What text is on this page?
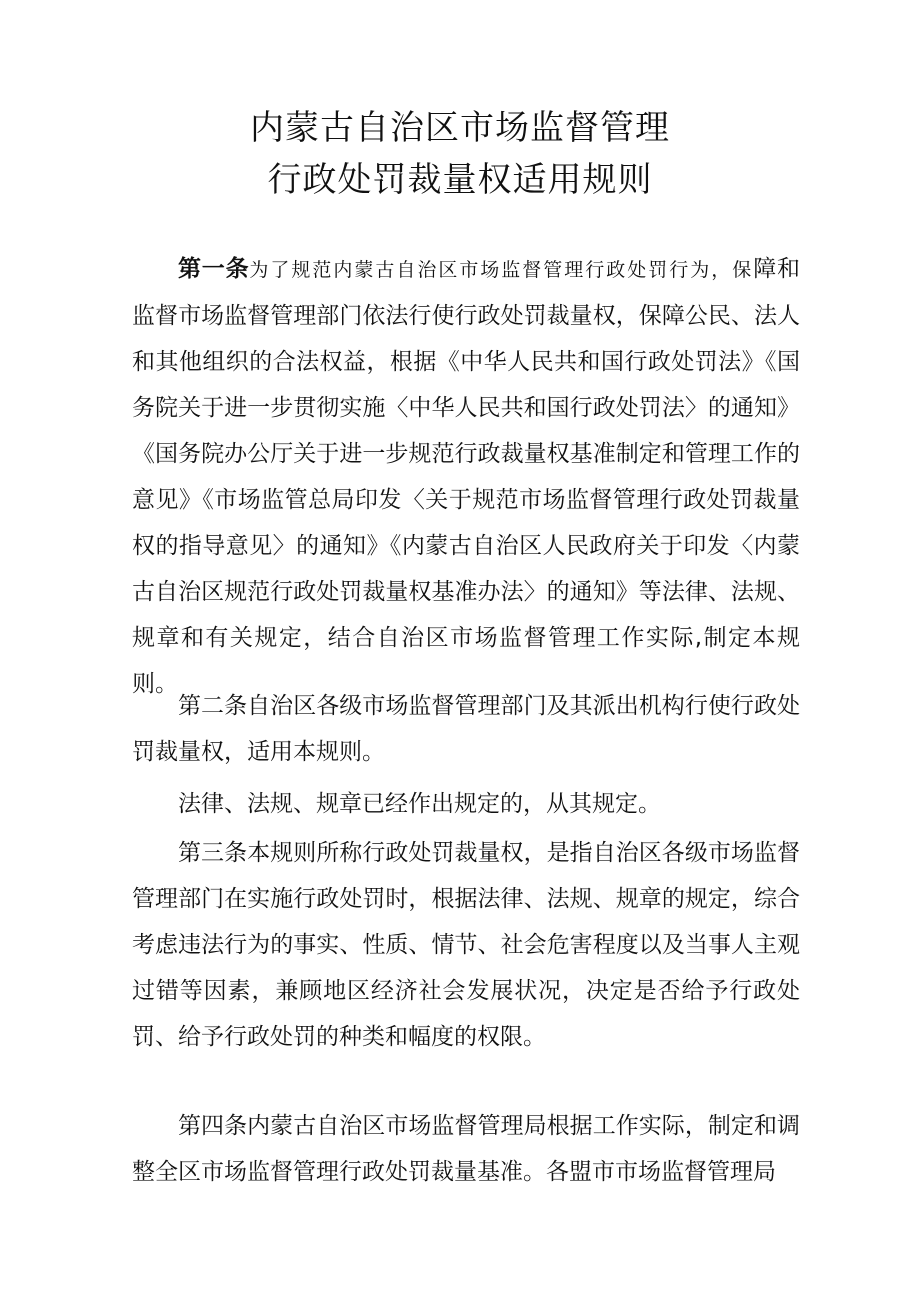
内蒙古自治区市场监督管理
行政处罚裁量权适用规则

第一条为了规范内蒙古自治区市场监督管理行政处罚行为，保障和监督市场监督管理部门依法行使行政处罚裁量权，保障公民、法人和其他组织的合法权益，根据《中华人民共和国行政处罚法》《国务院关于进一步贯彻实施〈中华人民共和国行政处罚法〉的通知》《国务院办公厅关于进一步规范行政裁量权基准制定和管理工作的意见》《市场监管总局印发〈关于规范市场监督管理行政处罚裁量权的指导意见〉的通知》《内蒙古自治区人民政府关于印发〈内蒙古自治区规范行政处罚裁量权基准办法〉的通知》等法律、法规、规章和有关规定，结合自治区市场监督管理工作实际,制定本规则。

第二条自治区各级市场监督管理部门及其派出机构行使行政处罚裁量权，适用本规则。

法律、法规、规章已经作出规定的，从其规定。

第三条本规则所称行政处罚裁量权，是指自治区各级市场监督管理部门在实施行政处罚时，根据法律、法规、规章的规定，综合考虑违法行为的事实、性质、情节、社会危害程度以及当事人主观过错等因素，兼顾地区经济社会发展状况，决定是否给予行政处罚、给予行政处罚的种类和幅度的权限。

第四条内蒙古自治区市场监督管理局根据工作实际，制定和调整全区市场监督管理行政处罚裁量基准。各盟市市场监督管理局
